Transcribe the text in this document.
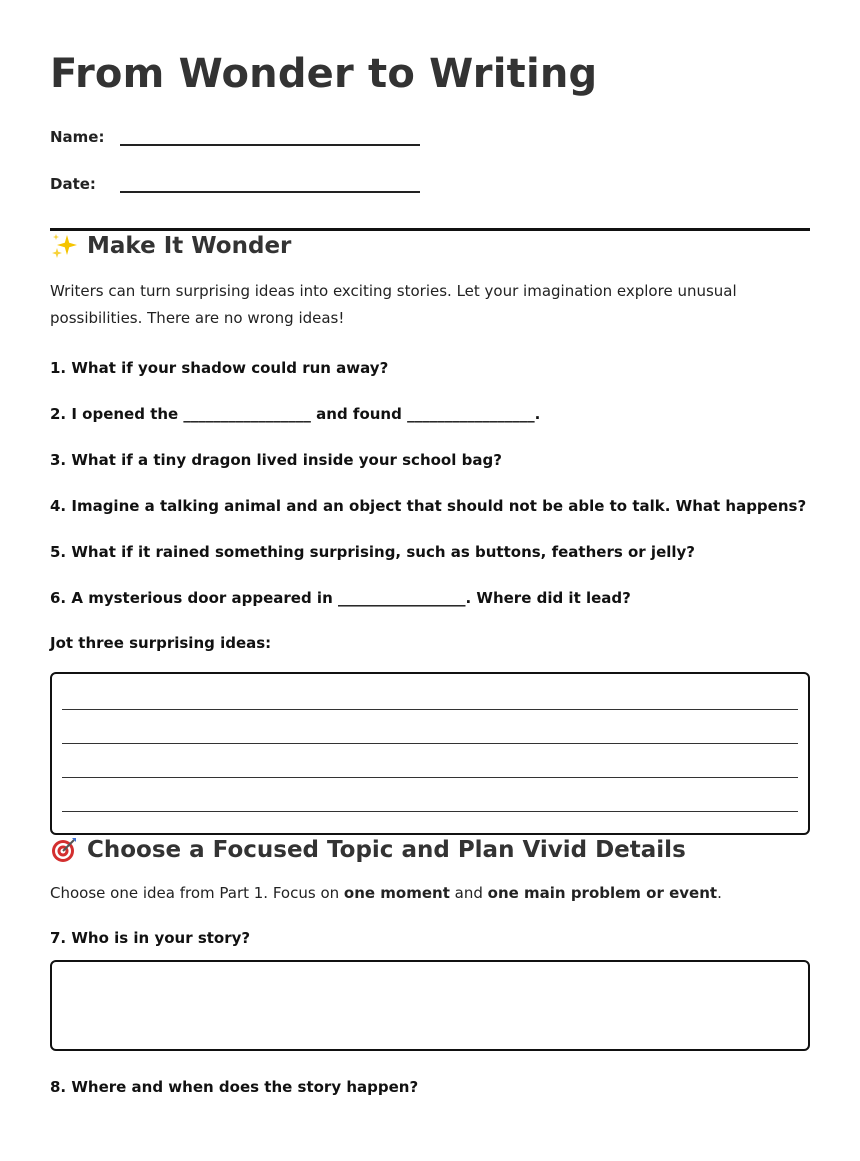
From Wonder to Writing
Name:
Date:
Make It Wonder

Writers can turn surprising ideas into exciting stories. Let your imagination explore unusual possibilities. There are no wrong ideas!

1. What if your shadow could run away?
2. I opened the _________________ and found _________________.
3. What if a tiny dragon lived inside your school bag?
4. Imagine a talking animal and an object that should not be able to talk. What happens?
5. What if it rained something surprising, such as buttons, feathers or jelly?
6. A mysterious door appeared in _________________. Where did it lead?
Jot three surprising ideas:
Choose a Focused Topic and Plan Vivid Details
Choose one idea from Part 1. Focus on one moment and one main problem or event.
7. Who is in your story?
8. Where and when does the story happen?
